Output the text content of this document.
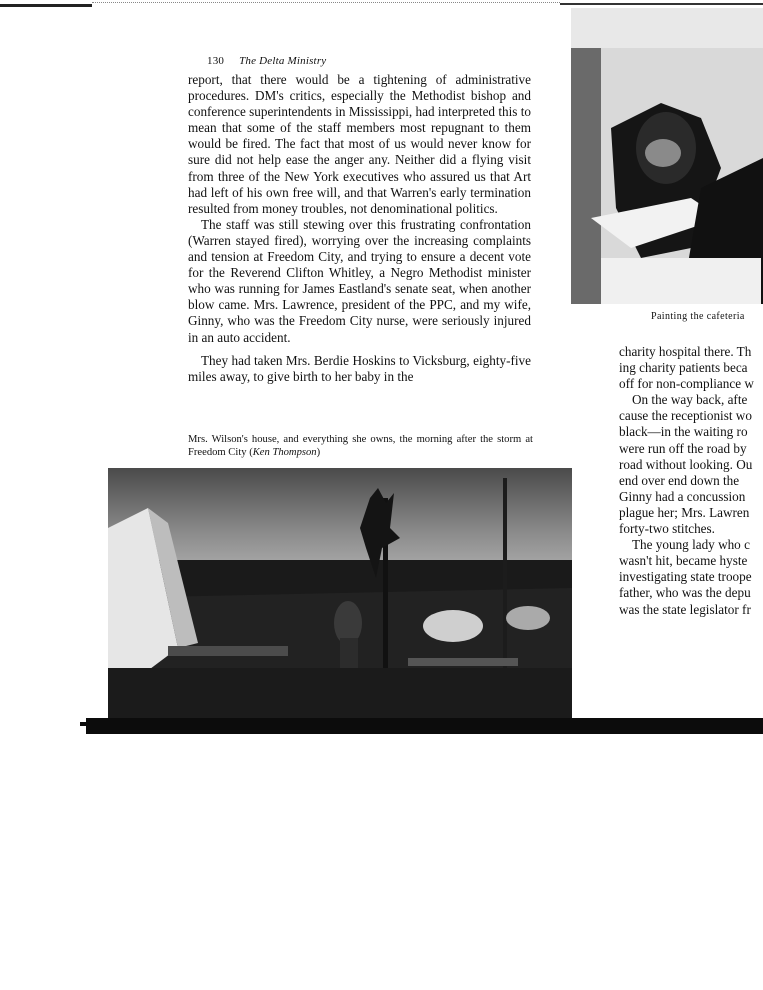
130 The Delta Ministry

report, that there would be a tightening of administrative procedures. DM's critics, especially the Methodist bishop and conference superintendents in Mississippi, had interpreted this to mean that some of the staff members most repugnant to them would be fired. The fact that most of us would never know for sure did not help ease the anger any. Neither did a flying visit from three of the New York executives who assured us that Art had left of his own free will, and that Warren's early termination resulted from money troubles, not denominational politics.

The staff was still stewing over this frustrating confrontation (Warren stayed fired), worrying over the increasing complaints and tension at Freedom City, and trying to ensure a decent vote for the Reverend Clifton Whitley, a Negro Methodist minister who was running for James Eastland's senate seat, when another blow came. Mrs. Lawrence, president of the PPC, and my wife, Ginny, who was the Freedom City nurse, were seriously injured in an auto accident.

They had taken Mrs. Berdie Hoskins to Vicksburg, eighty-five miles away, to give birth to her baby in the

Mrs. Wilson's house, and everything she owns, the morning after the storm at Freedom City (Ken Thompson)
Painting the cafeteria
charity hospital there. Th
ing charity patients beca
off for non-compliance w
On the way back, afte
cause the receptionist wo
black—in the waiting ro
were run off the road by
road without looking. Ou
end over end down the
Ginny had a concussion
plague her; Mrs. Lawren
forty-two stitches.
The young lady who c
wasn't hit, became hyste
investigating state troope
father, who was the depu
was the state legislator fr
